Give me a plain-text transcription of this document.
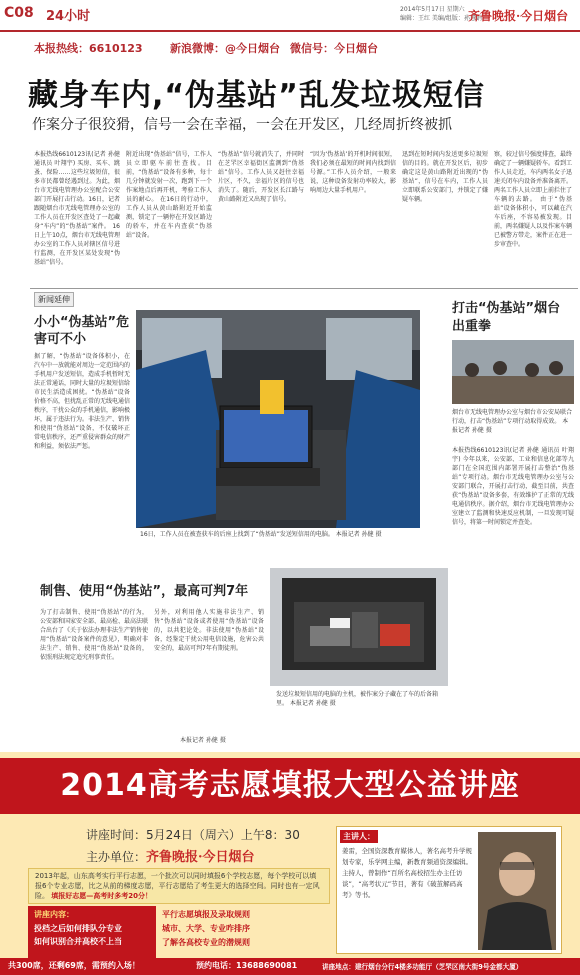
C08 24小时	2014年5月17日 星期六
编辑：王红 美编/组版：孙慧娟
齐鲁晚报·今日烟台
本报热线：6610123 新浪微博：@今日烟台 微信号：今日烟台
藏身车内,“伪基站”乱发垃圾短信
作案分子很狡猾，信号一会在幸福，一会在开发区，几经周折终被抓
本报热线6610123讯(记者 孙健 通讯员 叶翔宇) 买房、买车、跳蚤、保险……这些垃圾短信，很多市民都曾经遇到过。为此，烟台市无线电管理办公室配合公安部门开展打击行动。16日，记者跟随烟台市无线电管理办公室的工作人员在开发区查处了一起藏身“车内”的“伪基站”案件。 16日上午10点，烟台市无线电管理办公室的工作人员对辖区信号进行监测，在开发区某处发现“伪基站”信号。
附近出现“伪基站”信号，工作人员立即驱车前往查找。目前，“伪基站”设备有多种，每十几分钟就发射一次，跑到下一个作案地点后再开机，考验工作人员的耐心。 在16日的行动中，工作人员从黄山路附近开始监测，锁定了一辆停在开发区路边的轿车，并在车内查获“伪基站”设备。
“伪基站”信号就消失了，并同时在芝罘区幸福街区监测到“伪基站”信号。工作人员又赶往幸福片区，不久，幸福片区的信号也消失了。随后，开发区长江路与黄山路附近又出现了信号。
“因为‘伪基站’的开机时间很短，我们必须在最短的时间内找到信号源。”工作人员介绍，一般来说，这种设备发射功率较大，影响周边大量手机用户。
迅到在短时间内发送更多垃圾短信的目的。就在开发区后，初步确定这是黄山路附近出现的“伪基站”，信号在车内，工作人员立即联系公安部门，并锁定了嫌疑车辆。
察，较过信号强度排查，最终确定了一辆嫌疑轿车。看到工作人员走近，车内两名女子迅速关闭车内设备并准备离开。两名工作人员立即上前拦住了车辆的去路。 由于“伪基站”设备体积小，可以藏在汽车后座，不容易被发现。目前，两名嫌疑人以及作案车辆已被警方带走，案件正在进一步审查中。
新闻延伸
小小“伪基站”危害可不小
据了解，“伪基站”设备体积小，在汽车中一放就能对周边一定范围内的手机用户发送短信，造成手机暂时无法正常通话，同时大量的垃圾短信给市民生活造成困扰。“伪基站”设备价格不高，但扰乱正常的无线电通信秩序，干扰公众的手机通信，影响极坏，属于违法行为。非法生产、销售和使用“伪基站”设备，不仅破坏正常电信秩序，还严重侵害群众的财产和利益，须依法严惩。
16日，工作人员在被查获车的后座上找到了“伪基站”发送短信用的电脑。 本报记者 孙健 摄
打击“伪基站”烟台出重拳
烟台市无线电管理办公室与烟台市公安局联合行动，打击“伪基站”专项行动取得成效。 本报记者 孙健 摄
本报热线6610123讯(记者 孙健 通讯员 叶翔宇) 今年以来，公安部、工业和信息化部等九部门在全国范围内部署开展打击整治“伪基站”专项行动。烟台市无线电管理办公室与公安部门联合，开展打击行动，截至目前，共查获“伪基站”设备多套，有效维护了正常的无线电通信秩序。据介绍，烟台市无线电管理办公室建立了监测和快速反应机制，一旦发现可疑信号，将第一时间锁定并查处。
制售、使用“伪基站”，最高可判7年
为了打击制售、使用“伪基站”的行为，公安部和国家安全部、最高检、最高法联合出台了《关于依法办理非法生产销售使用“伪基站”设备案件的意见》，明确对非法生产、销售、使用“伪基站”设备的，依照刑法规定追究刑事责任。
另外，对利用他人实施非法生产、销售“伪基站”设备或者使用“伪基站”设备的，以共犯论处。非法使用“伪基站”设备，经鉴定干扰公用电信设施，危害公共安全的，最高可判7年有期徒刑。
本报记者 孙健 摄
发送垃圾短信用的电脑的主机，被作案分子藏在了车的后备箱里。 本报记者 孙健 摄
2014高考志愿填报大型公益讲座
讲座时间：5月24日（周六）上午8：30
主办单位：齐鲁晚报·今日烟台
2013年起，山东高考实行平行志愿，一个批次可以同时填报6个学校志愿，每个学校可以填报6个专业志愿，比之从前的梯度志愿，平行志愿给了考生更大的选择空间。同时也有一定风险。 填报好志愿—高考时多考20分！
讲座内容：
投档之后如何排队分专业
如何识别合并高校不上当
平行志愿填报及录取规则
城市、大学、专业咋排序
了解各高校专业的潜规则
主讲人：
姜雷，全国资深教育媒体人，著名高考升学规划专家，乐学网主编，新教育频道资深编辑。主持人，曾制作“百所名高校招生办主任访谈”，“高考状元”节目，著有《破茧解码高考》等书。
共300席，还剩69席，需预约入场！	预约电话：13688690081	讲座地点：建行烟台分行4楼多功能厅（芝罘区南大街9号金都大厦）
